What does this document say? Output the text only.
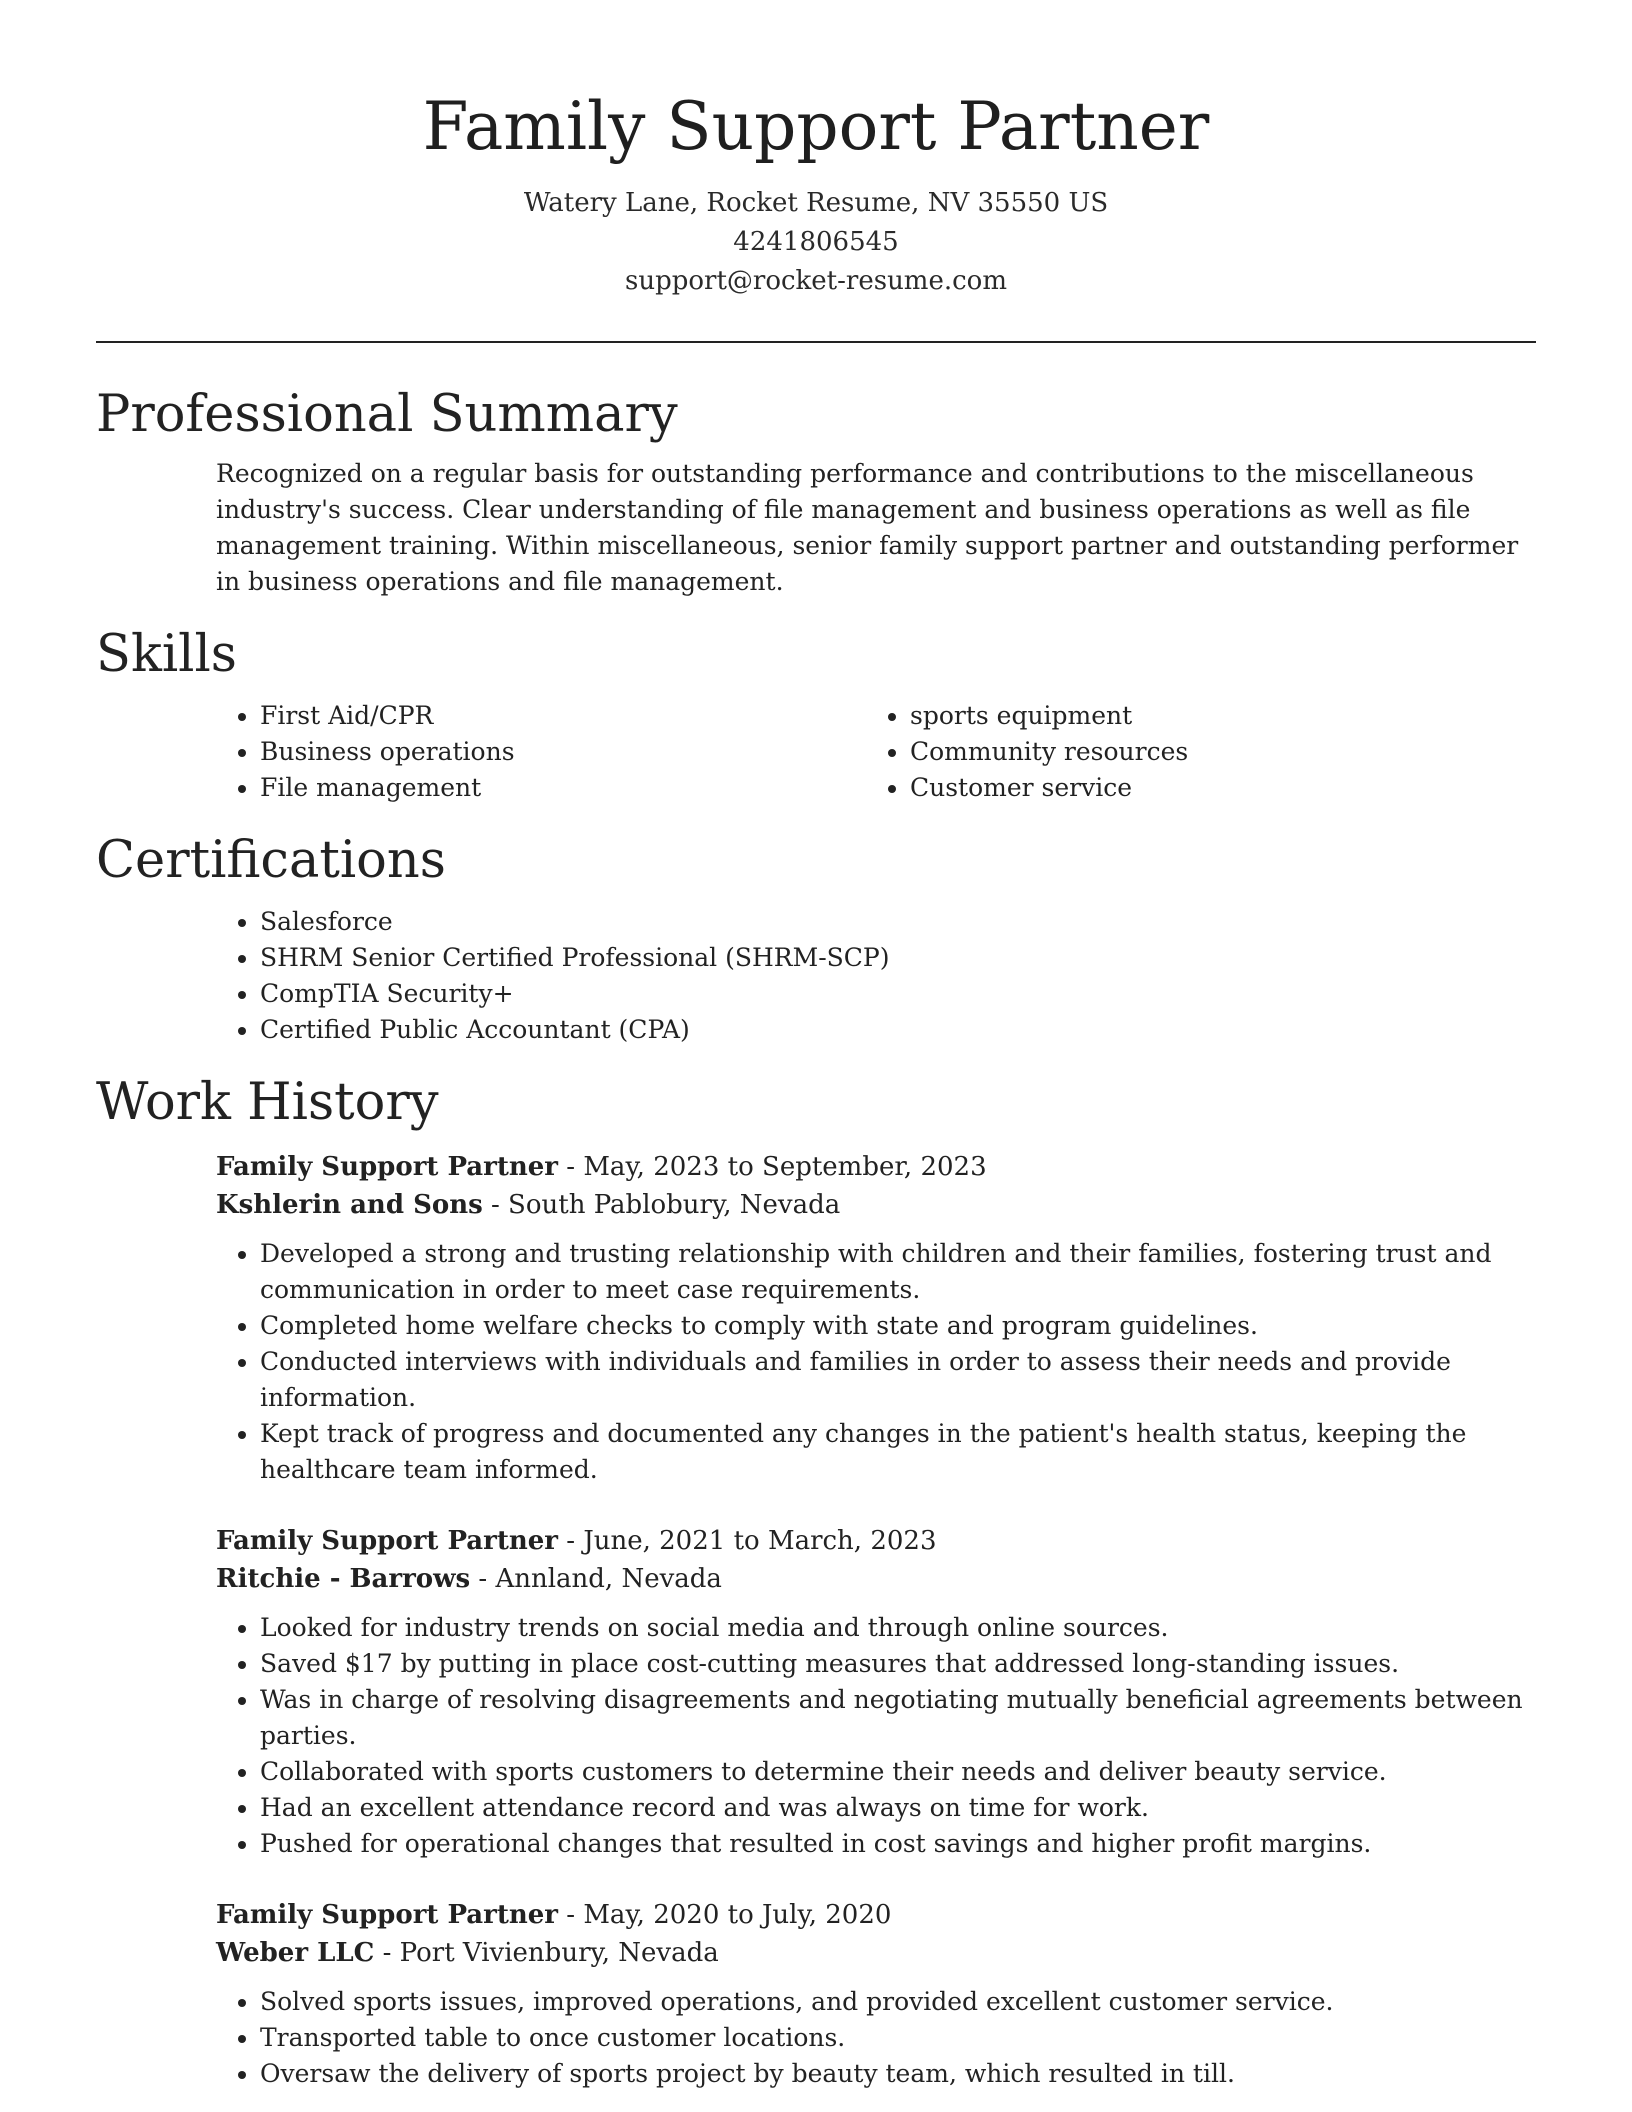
Family Support Partner
Watery Lane, Rocket Resume, NV 35550 US
4241806545
support@rocket-resume.com
Professional Summary

Recognized on a regular basis for outstanding performance and contributions to the miscellaneous industry's success. Clear understanding of file management and business operations as well as file management training. Within miscellaneous, senior family support partner and outstanding performer in business operations and file management.

Skills
• First Aid/CPR
• Business operations
• File management
• sports equipment
• Community resources
• Customer service
Certifications
• Salesforce
• SHRM Senior Certified Professional (SHRM-SCP)
• CompTIA Security+
• Certified Public Accountant (CPA)
Work History
Family Support Partner - May, 2023 to September, 2023
Kshlerin and Sons - South Pablobury, Nevada
• Developed a strong and trusting relationship with children and their families, fostering trust and communication in order to meet case requirements.
• Completed home welfare checks to comply with state and program guidelines.
• Conducted interviews with individuals and families in order to assess their needs and provide information.
• Kept track of progress and documented any changes in the patient's health status, keeping the healthcare team informed.
Family Support Partner - June, 2021 to March, 2023
Ritchie - Barrows - Annland, Nevada
• Looked for industry trends on social media and through online sources.
• Saved $17 by putting in place cost-cutting measures that addressed long-standing issues.
• Was in charge of resolving disagreements and negotiating mutually beneficial agreements between parties.
• Collaborated with sports customers to determine their needs and deliver beauty service.
• Had an excellent attendance record and was always on time for work.
• Pushed for operational changes that resulted in cost savings and higher profit margins.
Family Support Partner - May, 2020 to July, 2020
Weber LLC - Port Vivienbury, Nevada
• Solved sports issues, improved operations, and provided excellent customer service.
• Transported table to once customer locations.
• Oversaw the delivery of sports project by beauty team, which resulted in till.
